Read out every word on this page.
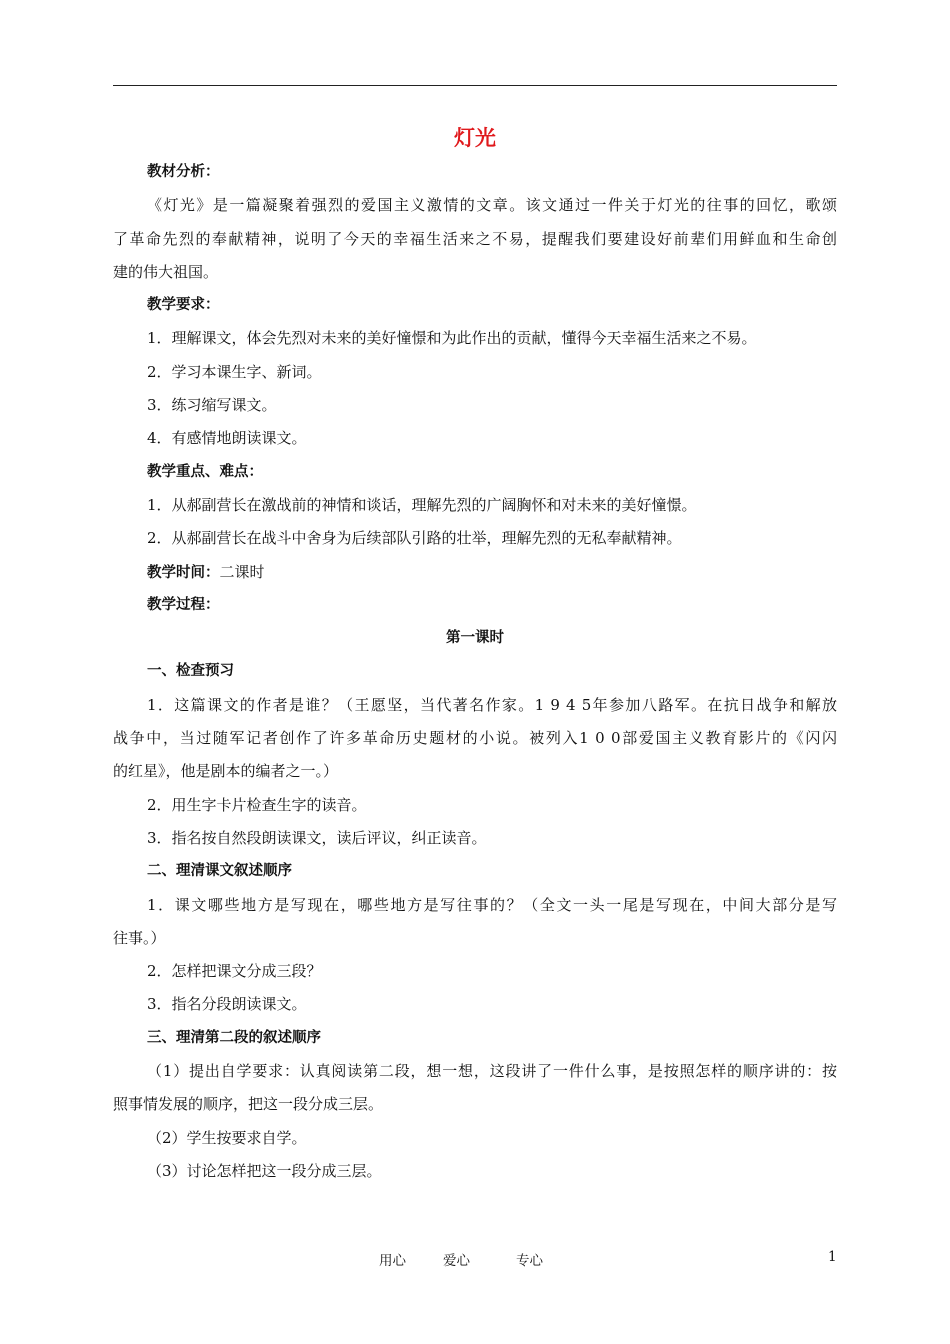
灯光
教材分析：
《灯光》是一篇凝聚着强烈的爱国主义激情的文章。该文通过一件关于灯光的往事的回忆，歌颂
了革命先烈的奉献精神，说明了今天的幸福生活来之不易，提醒我们要建设好前辈们用鲜血和生命创
建的伟大祖国。
教学要求：
1．理解课文，体会先烈对未来的美好憧憬和为此作出的贡献，懂得今天幸福生活来之不易。
2．学习本课生字、新词。
3．练习缩写课文。
4．有感情地朗读课文。
教学重点、难点：
1．从郝副营长在激战前的神情和谈话，理解先烈的广阔胸怀和对未来的美好憧憬。
2．从郝副营长在战斗中舍身为后续部队引路的壮举，理解先烈的无私奉献精神。
教学时间：二课时
教学过程：
第一课时
一、检查预习
1．这篇课文的作者是谁？（王愿坚，当代著名作家。1 9 4 5年参加八路军。在抗日战争和解放
战争中，当过随军记者创作了许多革命历史题材的小说。被列入1 0 0部爱国主义教育影片的《闪闪
的红星》，他是剧本的编者之一。）
2．用生字卡片检查生字的读音。
3．指名按自然段朗读课文，读后评议，纠正读音。
二、理清课文叙述顺序
1．课文哪些地方是写现在，哪些地方是写往事的？（全文一头一尾是写现在，中间大部分是写
往事。）
2．怎样把课文分成三段？
3．指名分段朗读课文。
三、理清第二段的叙述顺序
（1）提出自学要求：认真阅读第二段，想一想，这段讲了一件什么事，是按照怎样的顺序讲的：按
照事情发展的顺序，把这一段分成三层。
（2）学生按要求自学。
（3）讨论怎样把这一段分成三层。
用心	爱心	专心	1
